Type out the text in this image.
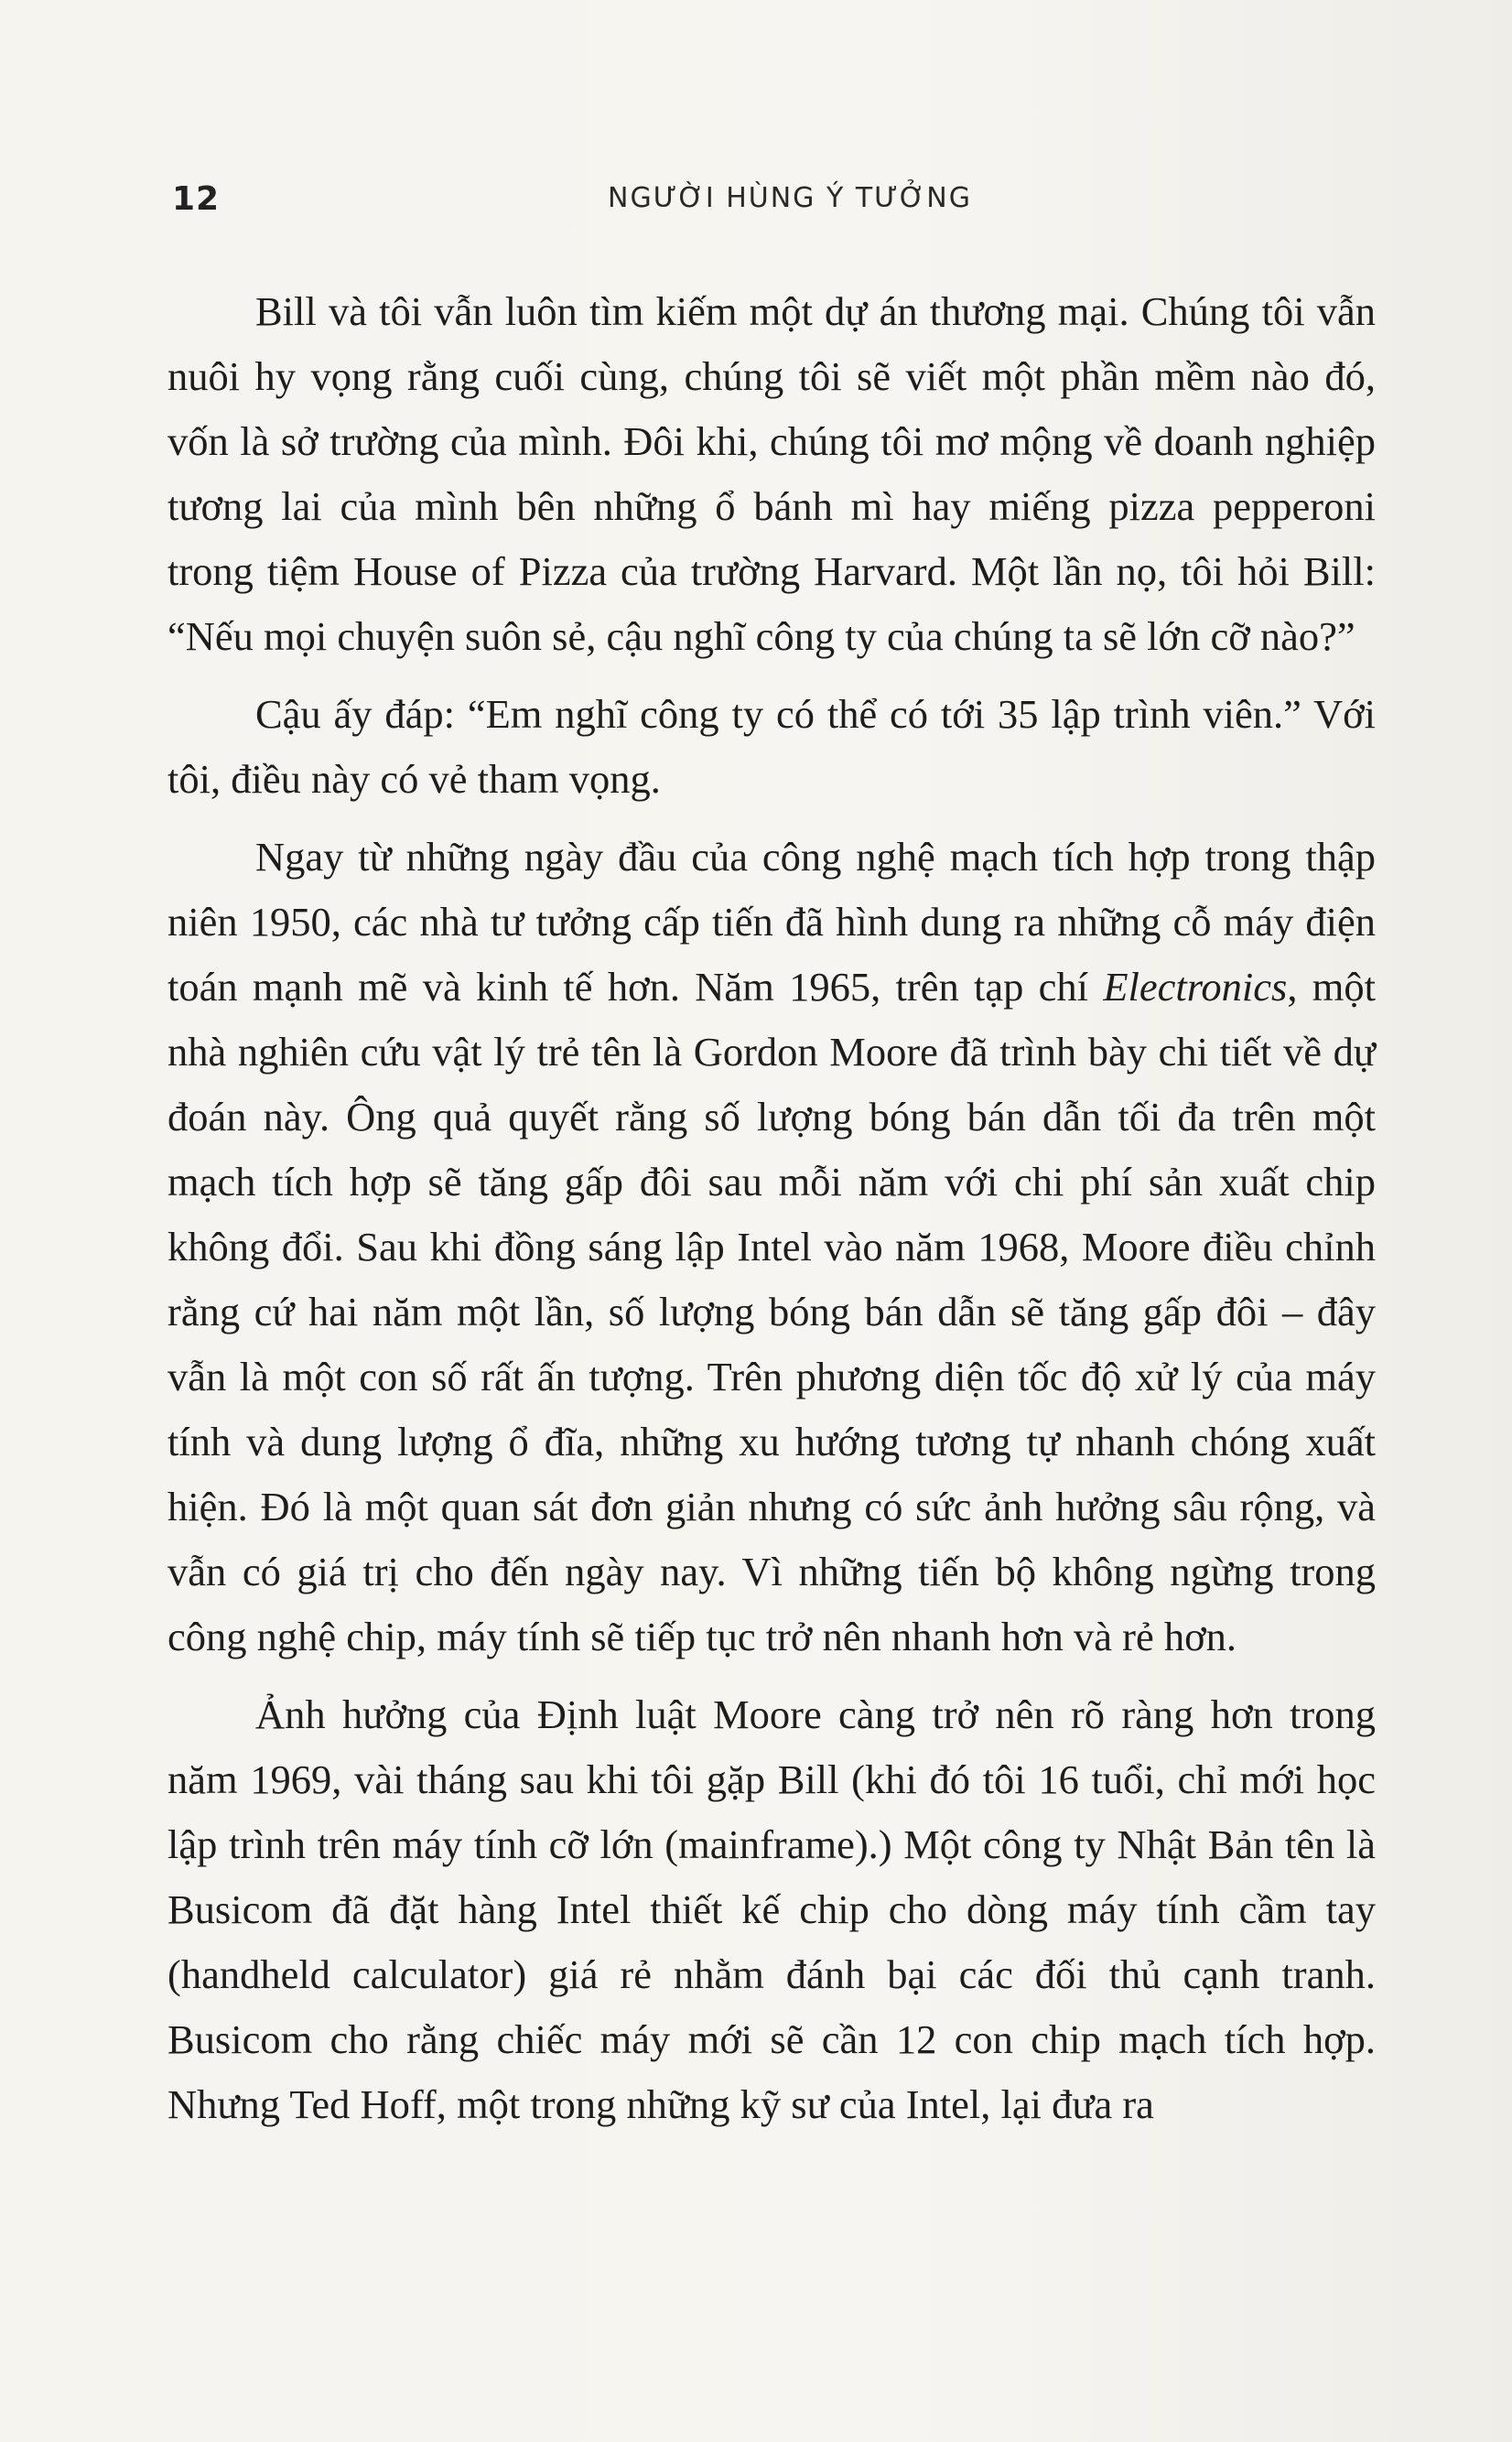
12	NGƯỜI HÙNG Ý TƯỞNG

Bill và tôi vẫn luôn tìm kiếm một dự án thương mại. Chúng tôi vẫn nuôi hy vọng rằng cuối cùng, chúng tôi sẽ viết một phần mềm nào đó, vốn là sở trường của mình. Đôi khi, chúng tôi mơ mộng về doanh nghiệp tương lai của mình bên những ổ bánh mì hay miếng pizza pepperoni trong tiệm House of Pizza của trường Harvard. Một lần nọ, tôi hỏi Bill: “Nếu mọi chuyện suôn sẻ, cậu nghĩ công ty của chúng ta sẽ lớn cỡ nào?”

Cậu ấy đáp: “Em nghĩ công ty có thể có tới 35 lập trình viên.” Với tôi, điều này có vẻ tham vọng.

Ngay từ những ngày đầu của công nghệ mạch tích hợp trong thập niên 1950, các nhà tư tưởng cấp tiến đã hình dung ra những cỗ máy điện toán mạnh mẽ và kinh tế hơn. Năm 1965, trên tạp chí Electronics, một nhà nghiên cứu vật lý trẻ tên là Gordon Moore đã trình bày chi tiết về dự đoán này. Ông quả quyết rằng số lượng bóng bán dẫn tối đa trên một mạch tích hợp sẽ tăng gấp đôi sau mỗi năm với chi phí sản xuất chip không đổi. Sau khi đồng sáng lập Intel vào năm 1968, Moore điều chỉnh rằng cứ hai năm một lần, số lượng bóng bán dẫn sẽ tăng gấp đôi – đây vẫn là một con số rất ấn tượng. Trên phương diện tốc độ xử lý của máy tính và dung lượng ổ đĩa, những xu hướng tương tự nhanh chóng xuất hiện. Đó là một quan sát đơn giản nhưng có sức ảnh hưởng sâu rộng, và vẫn có giá trị cho đến ngày nay. Vì những tiến bộ không ngừng trong công nghệ chip, máy tính sẽ tiếp tục trở nên nhanh hơn và rẻ hơn.

Ảnh hưởng của Định luật Moore càng trở nên rõ ràng hơn trong năm 1969, vài tháng sau khi tôi gặp Bill (khi đó tôi 16 tuổi, chỉ mới học lập trình trên máy tính cỡ lớn (mainframe).) Một công ty Nhật Bản tên là Busicom đã đặt hàng Intel thiết kế chip cho dòng máy tính cầm tay (handheld calculator) giá rẻ nhằm đánh bại các đối thủ cạnh tranh. Busicom cho rằng chiếc máy mới sẽ cần 12 con chip mạch tích hợp. Nhưng Ted Hoff, một trong những kỹ sư của Intel, lại đưa ra
